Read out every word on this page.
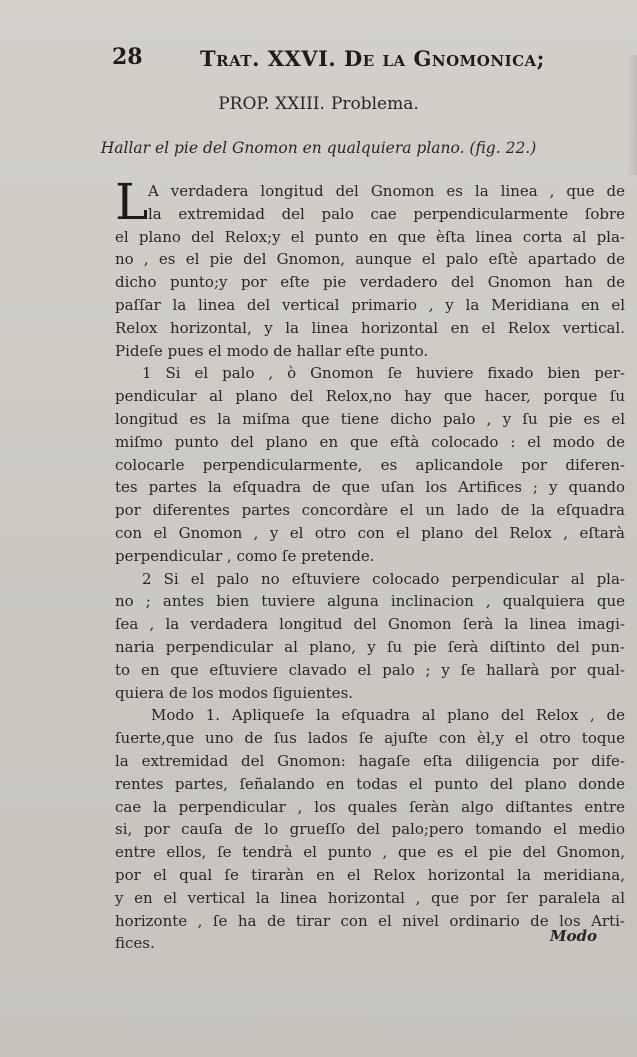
28	Trat. XXVI. De la Gnomonica;
PROP. XXIII. Problema.
Hallar el pie del Gnomon en qualquiera plano. (fig. 22.)
L A verdadera longitud del Gnomon es la linea , que de
la extremidad del palo cae perpendicularmente ſobre
el plano del Relox;y el punto en que èſta linea corta al pla-
no , es el pie del Gnomon, aunque el palo eſtè apartado de
dicho punto;y por eſte pie verdadero del Gnomon han de
paſſar la linea del vertical primario , y la Meridiana en el
Relox horizontal, y la linea horizontal en el Relox vertical.
Pideſe pues el modo de hallar eſte punto.
1 Si el palo , ò Gnomon ſe huviere fixado bien per-
pendicular al plano del Relox,no hay que hacer, porque ſu
longitud es la miſma que tiene dicho palo , y ſu pie es el
miſmo punto del plano en que eſtà colocado : el modo de
colocarle perpendicularmente, es aplicandole por diferen-
tes partes la eſquadra de que uſan los Artifices ; y quando
por diferentes partes concordàre el un lado de la eſquadra
con el Gnomon , y el otro con el plano del Relox , eſtarà
perpendicular , como ſe pretende.
2 Si el palo no eſtuviere colocado perpendicular al pla-
no ; antes bien tuviere alguna inclinacion , qualquiera que
ſea , la verdadera longitud del Gnomon ſerà la linea imagi-
naria perpendicular al plano, y ſu pie ſerà diſtinto del pun-
to en que eſtuviere clavado el palo ; y ſe hallarà por qual-
quiera de los modos ſiguientes.
Modo 1. Apliqueſe la eſquadra al plano del Relox , de
ſuerte,que uno de ſus lados ſe ajuſte con èl,y el otro toque
la extremidad del Gnomon: hagaſe eſta diligencia por dife-
rentes partes, ſeñalando en todas el punto del plano donde
cae la perpendicular , los quales ſeràn algo diſtantes entre
si, por cauſa de lo grueſſo del palo;pero tomando el medio
entre ellos, ſe tendrà el punto , que es el pie del Gnomon,
por el qual ſe tiraràn en el Relox horizontal la meridiana,
y en el vertical la linea horizontal , que por ſer paralela al
horizonte , ſe ha de tirar con el nivel ordinario de los Arti-
fices.	Modo
